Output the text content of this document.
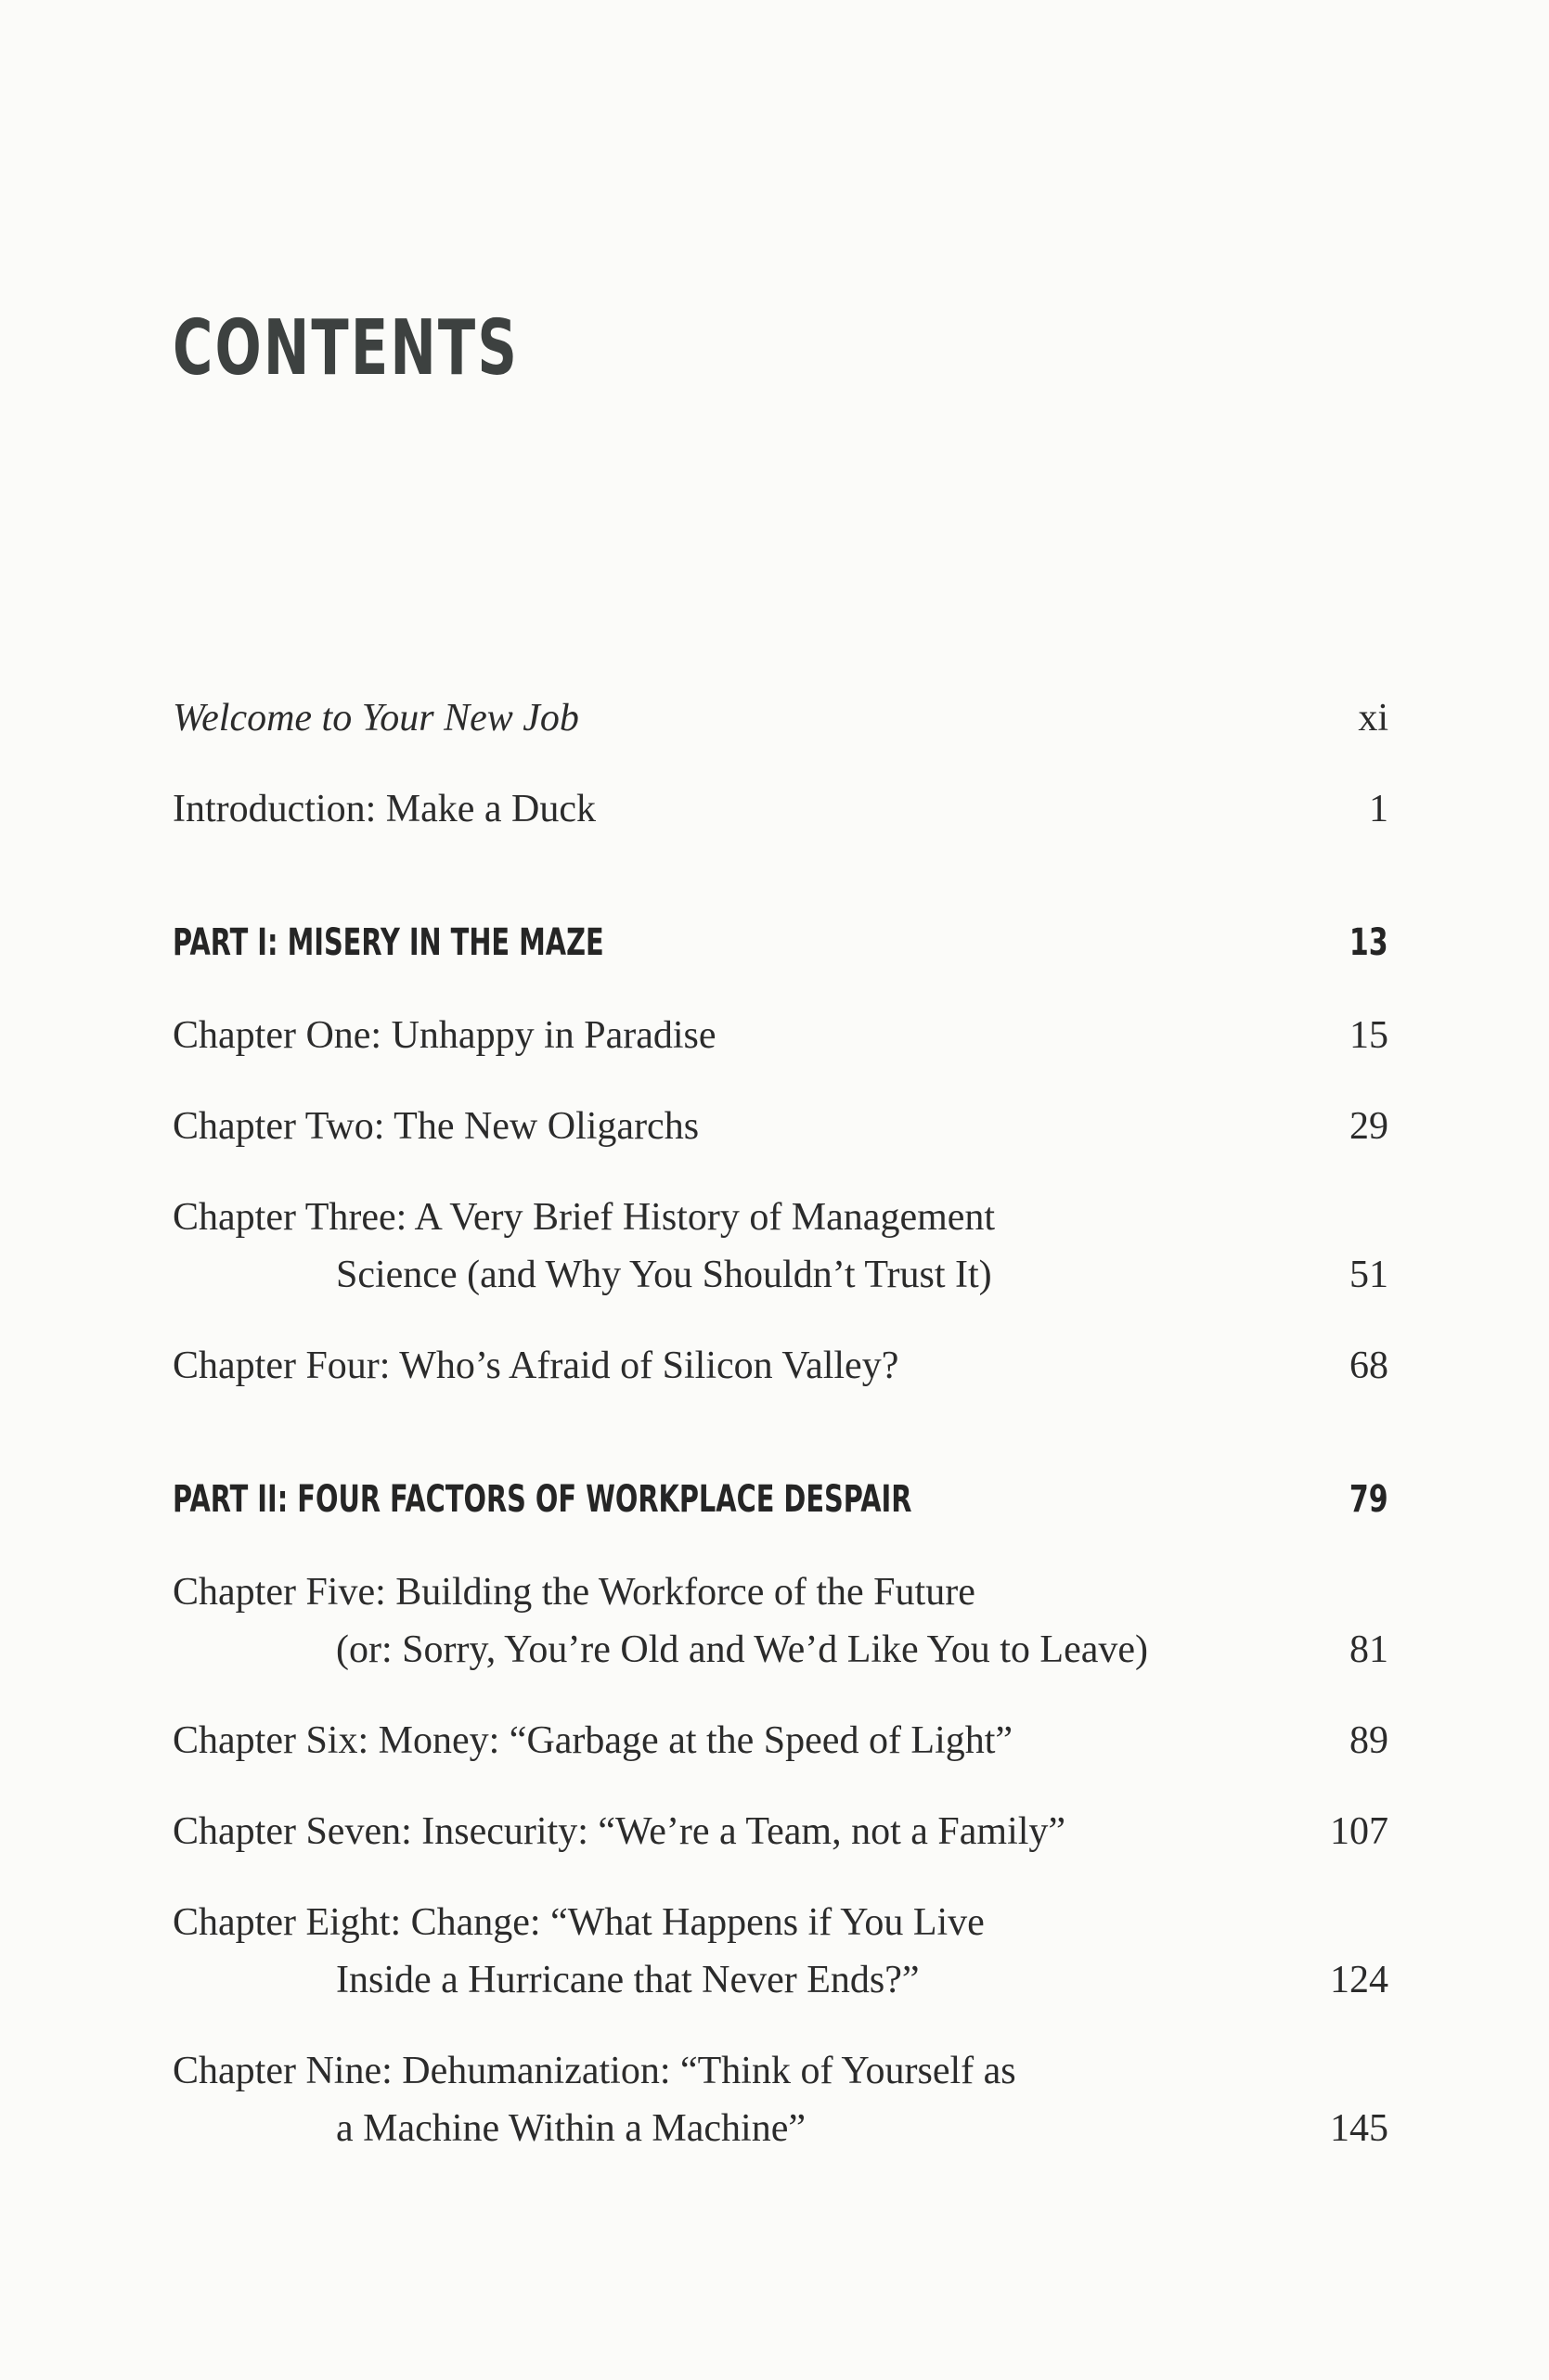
CONTENTS
Welcome to Your New Job	xi
Introduction: Make a Duck	1
PART I: MISERY IN THE MAZE	13
Chapter One: Unhappy in Paradise	15
Chapter Two: The New Oligarchs	29
Chapter Three: A Very Brief History of Management
Science (and Why You Shouldn’t Trust It)	51
Chapter Four: Who’s Afraid of Silicon Valley?	68
PART II: FOUR FACTORS OF WORKPLACE DESPAIR	79
Chapter Five: Building the Workforce of the Future
(or: Sorry, You’re Old and We’d Like You to Leave)	81
Chapter Six: Money: “Garbage at the Speed of Light”	89
Chapter Seven: Insecurity: “We’re a Team, not a Family”	107
Chapter Eight: Change: “What Happens if You Live
Inside a Hurricane that Never Ends?”	124
Chapter Nine: Dehumanization: “Think of Yourself as
a Machine Within a Machine”	145
